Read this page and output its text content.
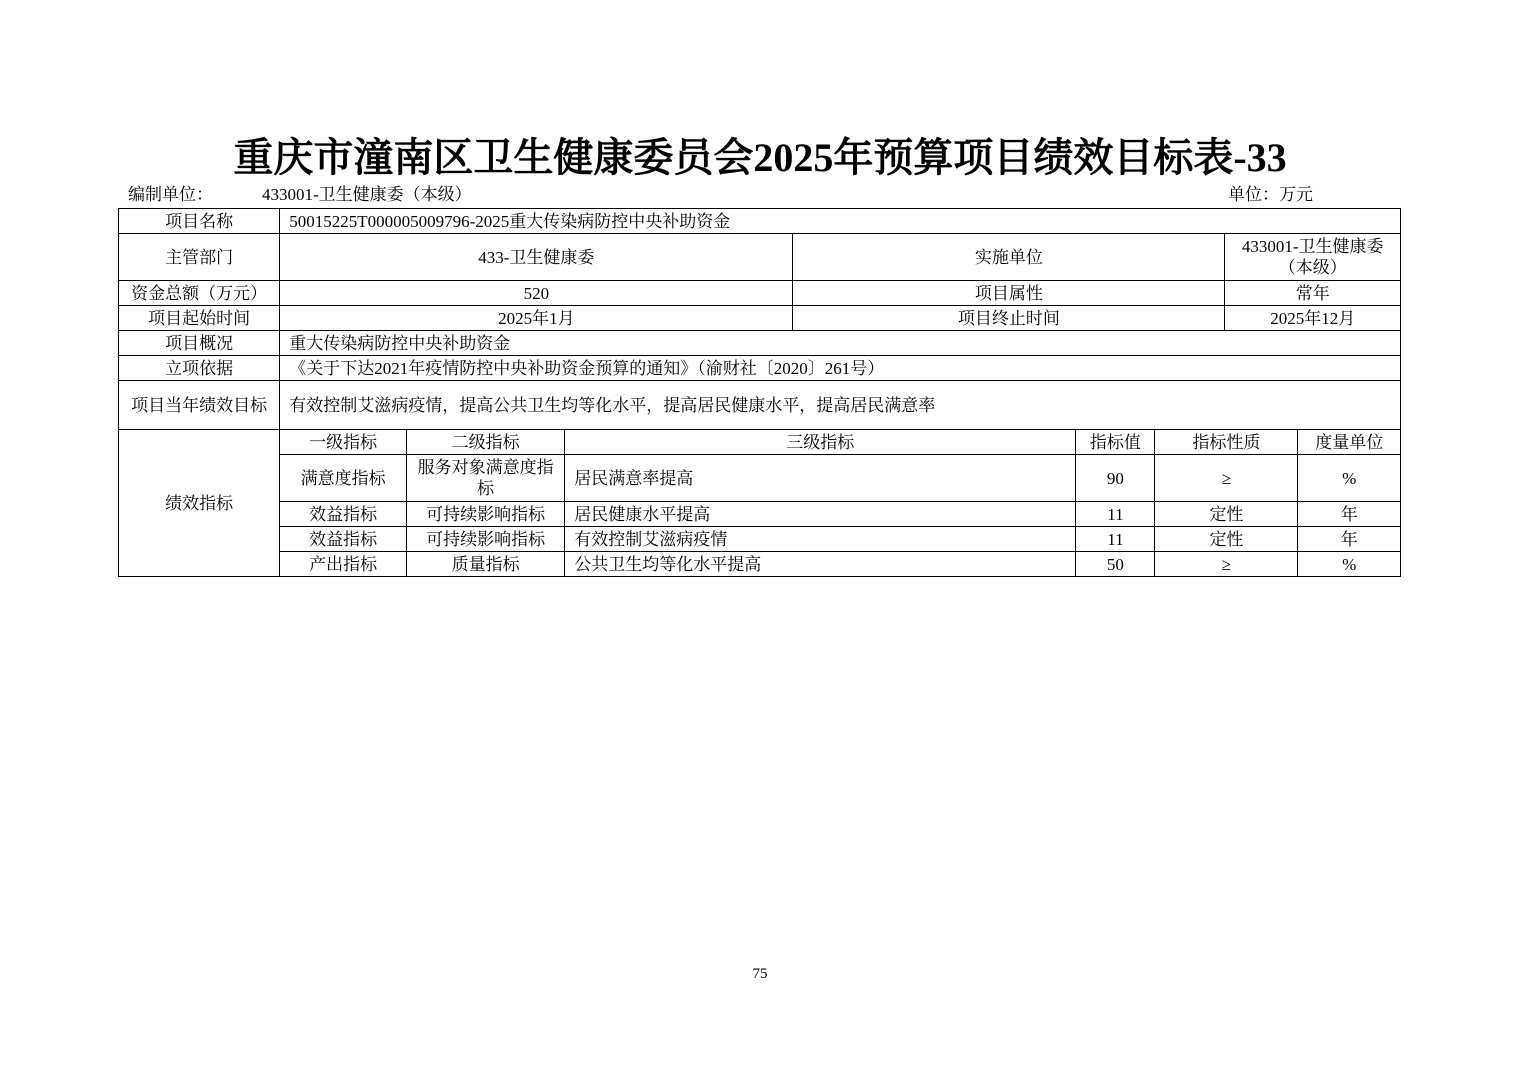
重庆市潼南区卫生健康委员会2025年预算项目绩效目标表-33
编制单位：	433001-卫生健康委（本级）	单位：万元
项目名称	50015225T000005009796-2025重大传染病防控中央补助资金							
主管部门	433-卫生健康委			实施单位			433001-卫生健康委（本级）	
资金总额（万元）	520			项目属性			常年	
项目起始时间	2025年1月			项目终止时间			2025年12月	
项目概况	重大传染病防控中央补助资金							
立项依据	《关于下达2021年疫情防控中央补助资金预算的通知》（渝财社〔2020〕261号）							
项目当年绩效目标	有效控制艾滋病疫情，提高公共卫生均等化水平，提高居民健康水平，提高居民满意率							
绩效指标	一级指标	二级指标	三级指标		指标值	指标性质		度量单位
	满意度指标	服务对象满意度指标	居民满意率提高		90	≥		%
	效益指标	可持续影响指标	居民健康水平提高		11	定性		年
	效益指标	可持续影响指标	有效控制艾滋病疫情		11	定性		年
	产出指标	质量指标	公共卫生均等化水平提高		50	≥		%
75
